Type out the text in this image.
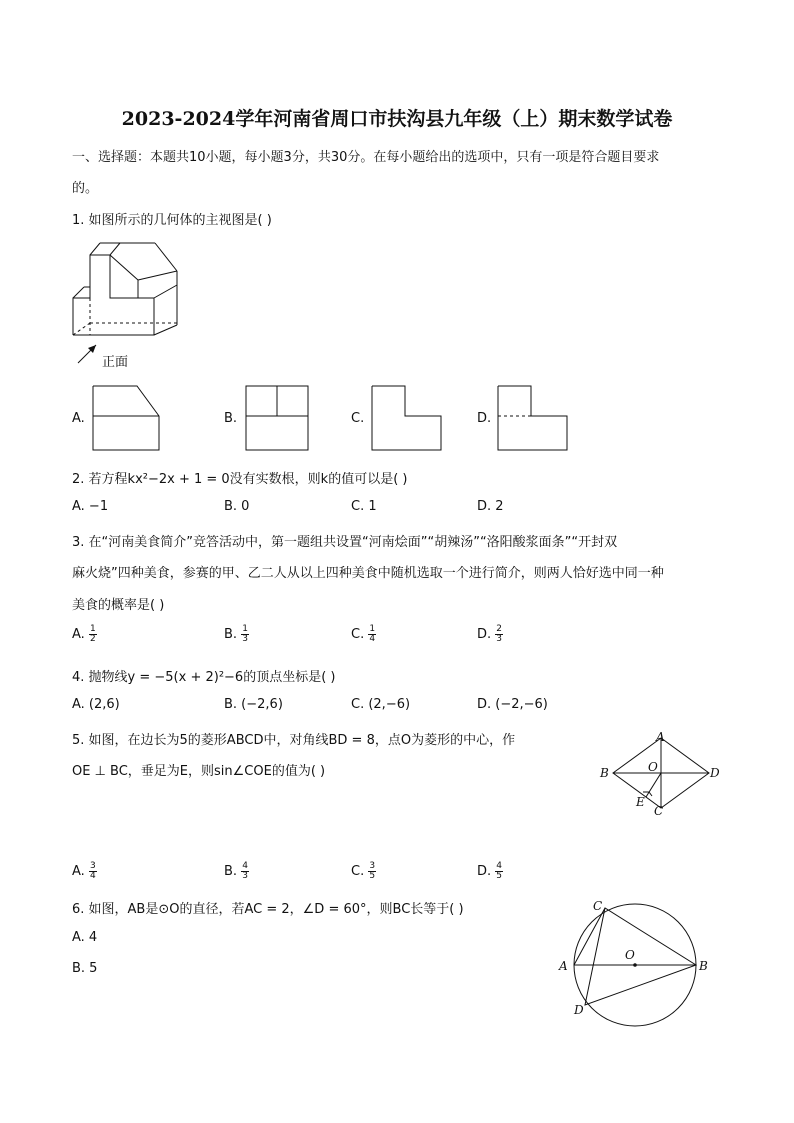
2023-2024学年河南省周口市扶沟县九年级（上）期末数学试卷
一、选择题：本题共10小题，每小题3分，共30分。在每小题给出的选项中，只有一项是符合题目要求
的。
1. 如图所示的几何体的主视图是( )
正面
A.	B.	C.	D.
2. 若方程kx²−2x + 1 = 0没有实数根，则k的值可以是( )
A. −1	B. 0	C. 1	D. 2
3. 在“河南美食简介”竞答活动中，第一题组共设置“河南烩面”“胡辣汤”“洛阳酸浆面条”“开封双
麻火烧”四种美食，参赛的甲、乙二人从以上四种美食中随机选取一个进行简介，则两人恰好选中同一种
美食的概率是( )
A. $\frac{1}{2}$	B. $\frac{1}{3}$	C. $\frac{1}{4}$	D. $\frac{2}{3}$
4. 抛物线y = −5(x + 2)²−6的顶点坐标是( )
A. (2,6)	B. (−2,6)	C. (2,−6)	D. (−2,−6)
5. 如图，在边长为5的菱形ABCD中，对角线BD = 8，点O为菱形的中心，作
OE ⊥ BC，垂足为E，则sin∠COE的值为( )
A
B	D
O
E
C
A. $\frac{3}{4}$	B. $\frac{4}{3}$	C. $\frac{3}{5}$	D. $\frac{4}{5}$
6. 如图，AB是⊙O的直径，若AC = 2，∠D = 60°，则BC长等于( )
A. 4
B. 5
C
A
O
B
D
